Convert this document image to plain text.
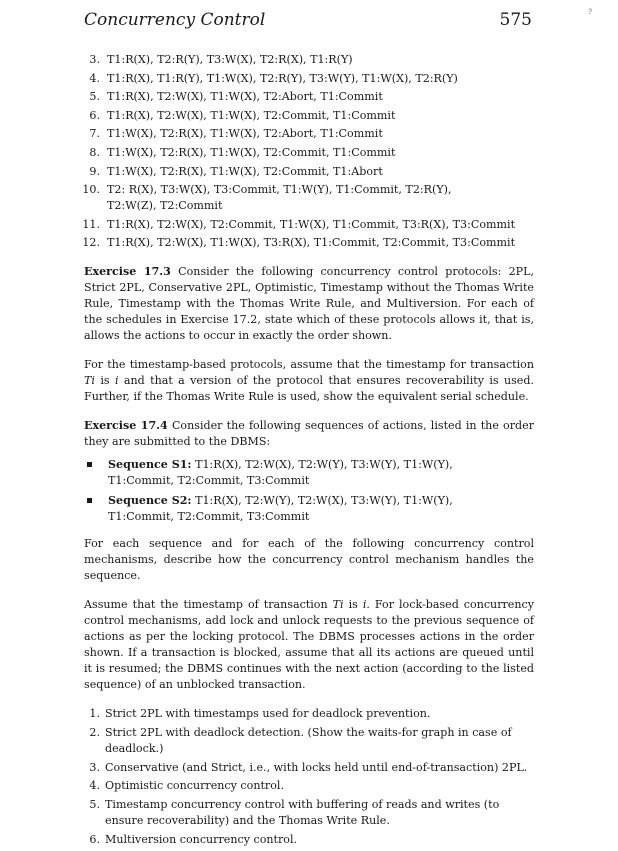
?
Concurrency Control	575
3. T1:R(X), T2:R(Y), T3:W(X), T2:R(X), T1:R(Y)
4. T1:R(X), T1:R(Y), T1:W(X), T2:R(Y), T3:W(Y), T1:W(X), T2:R(Y)
5. T1:R(X), T2:W(X), T1:W(X), T2:Abort, T1:Commit
6. T1:R(X), T2:W(X), T1:W(X), T2:Commit, T1:Commit
7. T1:W(X), T2:R(X), T1:W(X), T2:Abort, T1:Commit
8. T1:W(X), T2:R(X), T1:W(X), T2:Commit, T1:Commit
9. T1:W(X), T2:R(X), T1:W(X), T2:Commit, T1:Abort
10. T2: R(X), T3:W(X), T3:Commit, T1:W(Y), T1:Commit, T2:R(Y),
T2:W(Z), T2:Commit
11. T1:R(X), T2:W(X), T2:Commit, T1:W(X), T1:Commit, T3:R(X), T3:Commit
12. T1:R(X), T2:W(X), T1:W(X), T3:R(X), T1:Commit, T2:Commit, T3:Commit

Exercise 17.3 Consider the following concurrency control protocols: 2PL, Strict 2PL, Conservative 2PL, Optimistic, Timestamp without the Thomas Write Rule, Timestamp with the Thomas Write Rule, and Multiversion. For each of the schedules in Exercise 17.2, state which of these protocols allows it, that is, allows the actions to occur in exactly the order shown.

For the timestamp-based protocols, assume that the timestamp for transaction Ti is i and that a version of the protocol that ensures recoverability is used. Further, if the Thomas Write Rule is used, show the equivalent serial schedule.

Exercise 17.4 Consider the following sequences of actions, listed in the order they are submitted to the DBMS:

Sequence S1: T1:R(X), T2:W(X), T2:W(Y), T3:W(Y), T1:W(Y),
T1:Commit, T2:Commit, T3:Commit
Sequence S2: T1:R(X), T2:W(Y), T2:W(X), T3:W(Y), T1:W(Y),
T1:Commit, T2:Commit, T3:Commit

For each sequence and for each of the following concurrency control mechanisms, describe how the concurrency control mechanism handles the sequence.

Assume that the timestamp of transaction Ti is i. For lock-based concurrency control mechanisms, add lock and unlock requests to the previous sequence of actions as per the locking protocol. The DBMS processes actions in the order shown. If a transaction is blocked, assume that all its actions are queued until it is resumed; the DBMS continues with the next action (according to the listed sequence) of an unblocked transaction.

1. Strict 2PL with timestamps used for deadlock prevention.
2. Strict 2PL with deadlock detection. (Show the waits-for graph in case of deadlock.)
3. Conservative (and Strict, i.e., with locks held until end-of-transaction) 2PL.
4. Optimistic concurrency control.
5. Timestamp concurrency control with buffering of reads and writes (to ensure recoverability) and the Thomas Write Rule.
6. Multiversion concurrency control.
